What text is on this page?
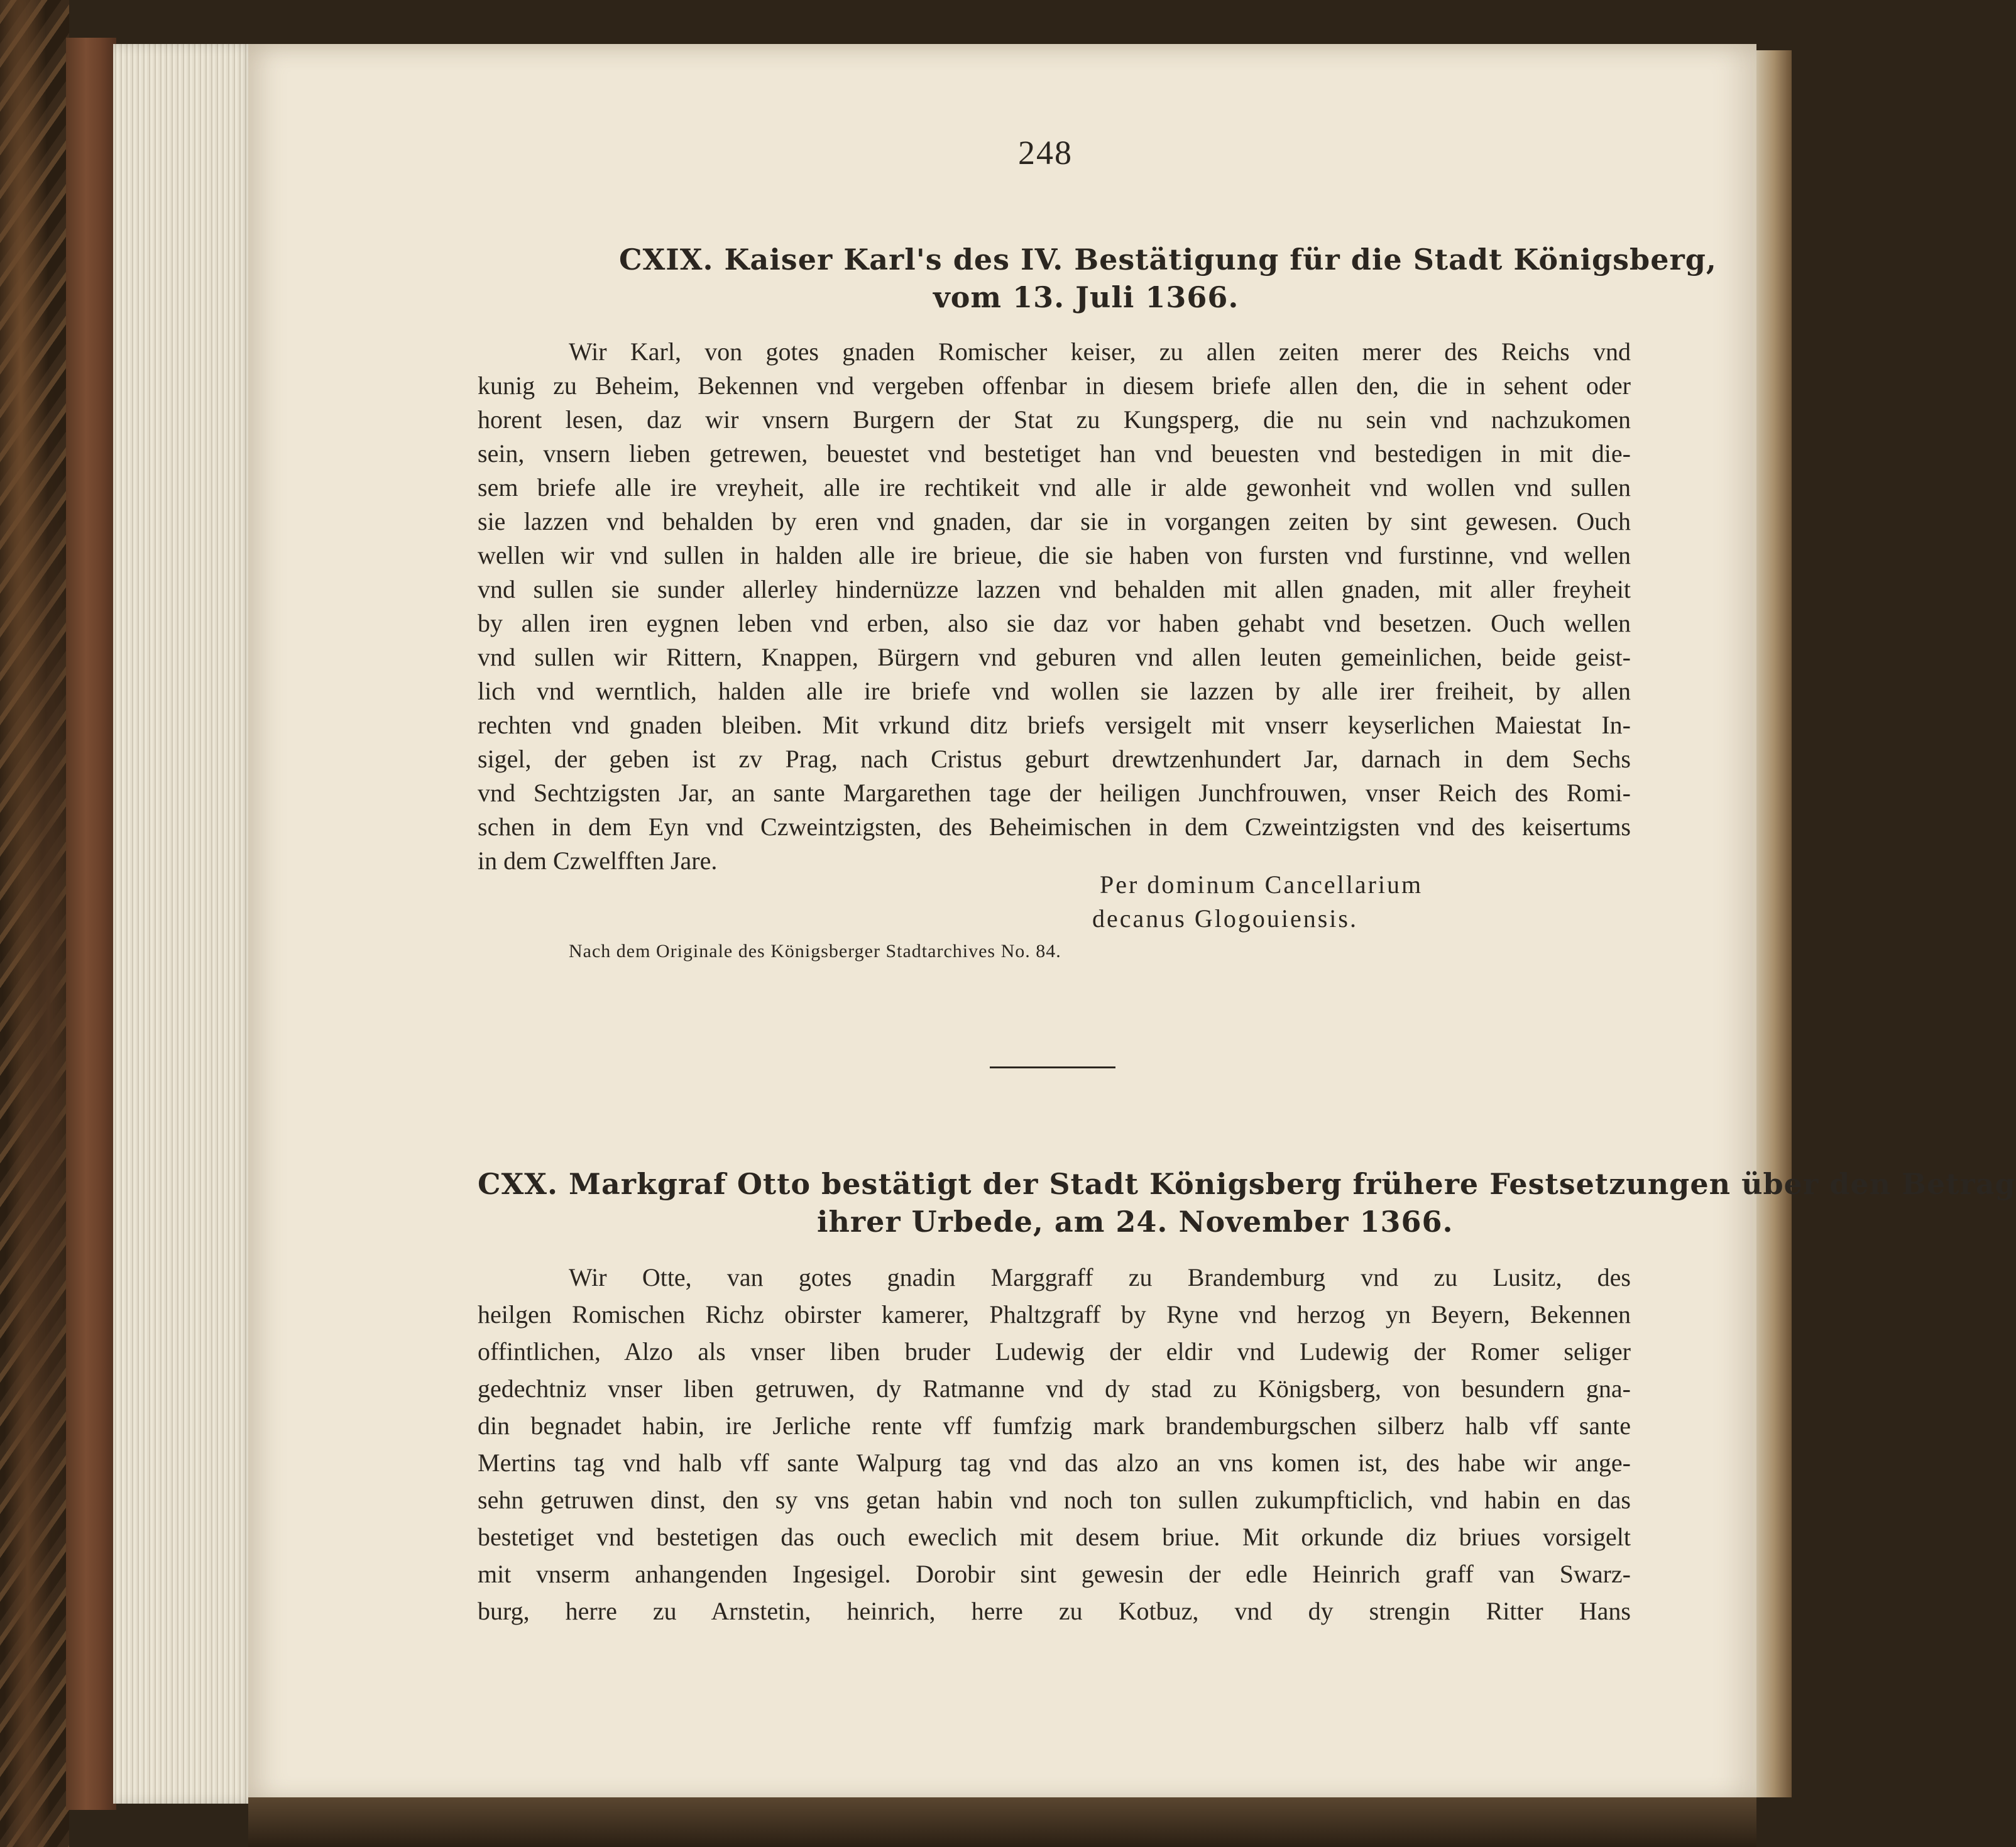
248
CXIX. Kaiser Karl's des IV. Bestätigung für die Stadt Königsberg,
vom 13. Juli 1366.
Wir Karl, von gotes gnaden Romischer keiser, zu allen zeiten merer des Reichs vnd
kunig zu Beheim, Bekennen vnd vergeben offenbar in diesem briefe allen den, die in sehent oder
horent lesen, daz wir vnsern Burgern der Stat zu Kungsperg, die nu sein vnd nachzukomen
sein, vnsern lieben getrewen, beuestet vnd bestetiget han vnd beuesten vnd bestedigen in mit die-
sem briefe alle ire vreyheit, alle ire rechtikeit vnd alle ir alde gewonheit vnd wollen vnd sullen
sie lazzen vnd behalden by eren vnd gnaden, dar sie in vorgangen zeiten by sint gewesen. Ouch
wellen wir vnd sullen in halden alle ire brieue, die sie haben von fursten vnd furstinne, vnd wellen
vnd sullen sie sunder allerley hindernüzze lazzen vnd behalden mit allen gnaden, mit aller freyheit
by allen iren eygnen leben vnd erben, also sie daz vor haben gehabt vnd besetzen. Ouch wellen
vnd sullen wir Rittern, Knappen, Bürgern vnd geburen vnd allen leuten gemeinlichen, beide geist-
lich vnd werntlich, halden alle ire briefe vnd wollen sie lazzen by alle irer freiheit, by allen
rechten vnd gnaden bleiben. Mit vrkund ditz briefs versigelt mit vnserr keyserlichen Maiestat In-
sigel, der geben ist zv Prag, nach Cristus geburt drewtzenhundert Jar, darnach in dem Sechs
vnd Sechtzigsten Jar, an sante Margarethen tage der heiligen Junchfrouwen, vnser Reich des Romi-
schen in dem Eyn vnd Czweintzigsten, des Beheimischen in dem Czweintzigsten vnd des keisertums
in dem Czwelfften Jare.
Per dominum Cancellarium
decanus Glogouiensis.
Nach dem Originale des Königsberger Stadtarchives No. 84.
CXX. Markgraf Otto bestätigt der Stadt Königsberg frühere Festsetzungen über den Betrag
ihrer Urbede, am 24. November 1366.
Wir Otte, van gotes gnadin Marggraff zu Brandemburg vnd zu Lusitz, des
heilgen Romischen Richz obirster kamerer, Phaltzgraff by Ryne vnd herzog yn Beyern, Bekennen
offintlichen, Alzo als vnser liben bruder Ludewig der eldir vnd Ludewig der Romer seliger
gedechtniz vnser liben getruwen, dy Ratmanne vnd dy stad zu Königsberg, von besundern gna-
din begnadet habin, ire Jerliche rente vff fumfzig mark brandemburgschen silberz halb vff sante
Mertins tag vnd halb vff sante Walpurg tag vnd das alzo an vns komen ist, des habe wir ange-
sehn getruwen dinst, den sy vns getan habin vnd noch ton sullen zukumpfticlich, vnd habin en das
bestetiget vnd bestetigen das ouch eweclich mit desem briue. Mit orkunde diz briues vorsigelt
mit vnserm anhangenden Ingesigel. Dorobir sint gewesin der edle Heinrich graff van Swarz-
burg, herre zu Arnstetin, heinrich, herre zu Kotbuz, vnd dy strengin Ritter Hans
